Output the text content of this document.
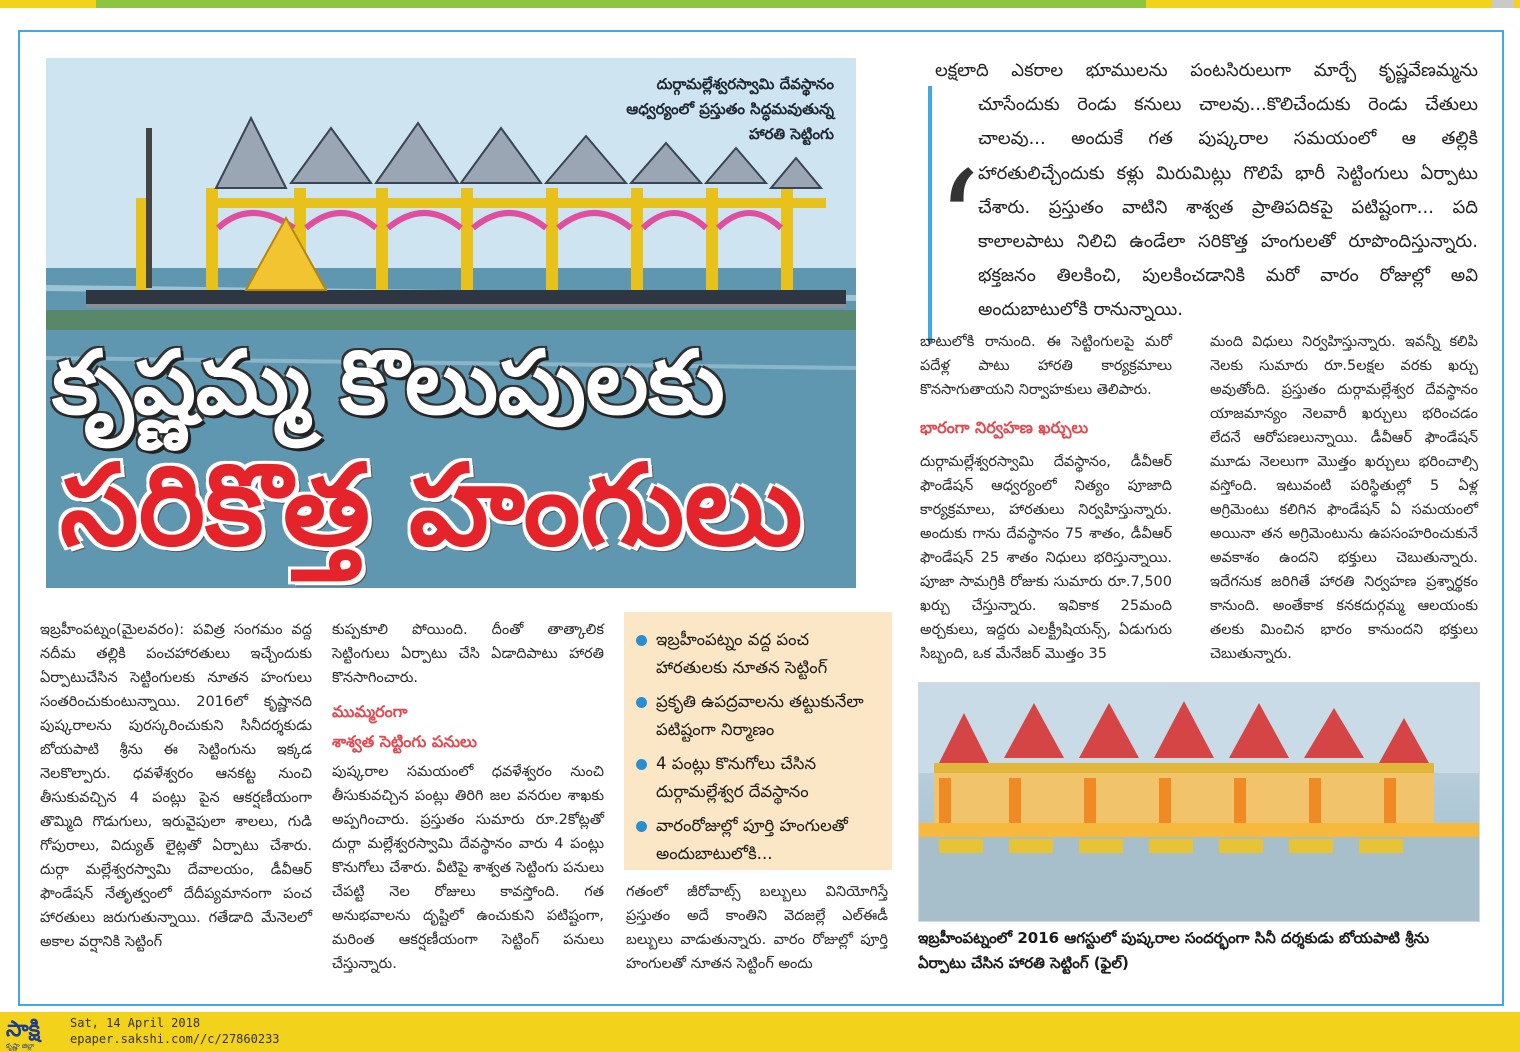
దుర్గామల్లేశ్వరస్వామి దేవస్థానం ఆధ్వర్యంలో ప్రస్తుతం సిద్ధమవుతున్న హారతి సెట్టింగు
కృష్ణమ్మ కొలుపులకు
సరికొత్త హంగులు
‘
లక్షలాది ఎకరాల భూములను పంటసిరులుగా మార్చే కృష్ణవేణమ్మను చూసేందుకు రెండు కనులు చాలవు...కొలిచేందుకు రెండు చేతులు చాలవు... అందుకే గత పుష్కరాల సమయంలో ఆ తల్లికి హారతులిచ్చేందుకు కళ్లు మిరుమిట్లు గొలిపే భారీ సెట్టింగులు ఏర్పాటు చేశారు. ప్రస్తుతం వాటిని శాశ్వత ప్రాతిపదికపై పటిష్టంగా... పది కాలాలపాటు నిలిచి ఉండేలా సరికొత్త హంగులతో రూపొందిస్తున్నారు. భక్తజనం తిలకించి, పులకించడానికి మరో వారం రోజుల్లో అవి అందుబాటులోకి రానున్నాయి.
ఇబ్రహీంపట్నం(మైలవరం): పవిత్ర సంగమం వద్ద నదీమ తల్లికి పంచహారతులు ఇచ్చేందుకు ఏర్పాటుచేసిన సెట్టింగులకు నూతన హంగులు సంతరించుకుంటున్నాయి. 2016లో కృష్ణానది పుష్కరాలను పురస్కరించుకుని సినీదర్శకుడు బోయపాటి శ్రీను ఈ సెట్టింగును ఇక్కడ నెలకొల్పారు. ధవళేశ్వరం ఆనకట్ట నుంచి తీసుకువచ్చిన 4 పంట్లు పైన ఆకర్షణీయంగా తొమ్మిది గొడుగులు, ఇరువైపులా శాలలు, గుడి గోపురాలు, విద్యుత్ లైట్లతో ఏర్పాటు చేశారు. దుర్గా మల్లేశ్వరస్వామి దేవాలయం, డీవీఆర్ ఫౌండేషన్ నేతృత్వంలో దేదీప్యమానంగా పంచ హారతులు జరుగుతున్నాయి. గతేడాది మేనెలలో అకాల వర్షానికి సెట్టింగ్
కుప్పకూలి పోయింది. దీంతో తాత్కాలిక సెట్టింగులు ఏర్పాటు చేసి ఏడాదిపాటు హారతి కొనసాగించారు.
ముమ్మరంగా
శాశ్వత సెట్టింగు పనులు
పుష్కరాల సమయంలో ధవళేశ్వరం నుంచి తీసుకువచ్చిన పంట్లు తిరిగి జల వనరుల శాఖకు అప్పగించారు. ప్రస్తుతం సుమారు రూ.2కోట్లతో దుర్గా మల్లేశ్వరస్వామి దేవస్థానం వారు 4 పంట్లు కొనుగోలు చేశారు. వీటిపై శాశ్వత సెట్టింగు పనులు చేపట్టి నెల రోజులు కావస్తోంది. గత అనుభవాలను దృష్టిలో ఉంచుకుని పటిష్టంగా, మరింత ఆకర్షణీయంగా సెట్టింగ్ పనులు చేస్తున్నారు.
ఇబ్రహీంపట్నం వద్ద పంచ హారతులకు నూతన సెట్టింగ్
ప్రకృతి ఉపద్రవాలను తట్టుకునేలా పటిష్టంగా నిర్మాణం
4 పంట్లు కొనుగోలు చేసిన దుర్గామల్లేశ్వర దేవస్థానం
వారంరోజుల్లో పూర్తి హంగులతో అందుబాటులోకి...
గతంలో జీరోవాట్స్ బల్బులు వినియోగిస్తే ప్రస్తుతం అదే కాంతిని వెదజల్లే ఎల్ఈడీ బల్బులు వాడుతున్నారు. వారం రోజుల్లో పూర్తి హంగులతో నూతన సెట్టింగ్ అందు
బాటులోకి రానుంది. ఈ సెట్టింగులపై మరో పదేళ్ల పాటు హారతి కార్యక్రమాలు కొనసాగుతాయని నిర్వాహకులు తెలిపారు.
భారంగా నిర్వహణ ఖర్చులు
దుర్గామల్లేశ్వరస్వామి దేవస్థానం, డీవీఆర్ ఫౌండేషన్ ఆధ్వర్యంలో నిత్యం పూజాది కార్యక్రమాలు, హారతులు నిర్వహిస్తున్నారు. అందుకు గాను దేవస్థానం 75 శాతం, డీవీఆర్ ఫౌండేషన్ 25 శాతం నిధులు భరిస్తున్నాయి. పూజా సామగ్రికి రోజుకు సుమారు రూ.7,500 ఖర్చు చేస్తున్నారు. ఇవికాక 25మంది అర్చకులు, ఇద్దరు ఎలక్ట్రీషియన్స్, ఏడుగురు సిబ్బంది, ఒక మేనేజర్ మొత్తం 35
మంది విధులు నిర్వహిస్తున్నారు. ఇవన్నీ కలిపి నెలకు సుమారు రూ.5లక్షల వరకు ఖర్చు అవుతోంది. ప్రస్తుతం దుర్గామల్లేశ్వర దేవస్థానం యాజమాన్యం నెలవారీ ఖర్చులు భరించడం లేదనే ఆరోపణలున్నాయి. డీవీఆర్ ఫౌండేషన్ మూడు నెలలుగా మొత్తం ఖర్చులు భరించాల్సి వస్తోంది. ఇటువంటి పరిస్థితుల్లో 5 ఏళ్ల అగ్రిమెంటు కలిగిన ఫౌండేషన్ ఏ సమయంలో అయినా తన అగ్రిమెంటును ఉపసంహరించుకునే అవకాశం ఉందని భక్తులు చెబుతున్నారు. ఇదేగనుక జరిగితే హారతి నిర్వహణ ప్రశ్నార్థకం కానుంది. అంతేకాక కనకదుర్గమ్మ ఆలయంకు తలకు మించిన భారం కానుందని భక్తులు చెబుతున్నారు.
ఇబ్రహీంపట్నంలో 2016 ఆగస్టులో పుష్కరాల సందర్భంగా సినీ దర్శకుడు బోయపాటి శ్రీను ఏర్పాటు చేసిన హారతి సెట్టింగ్ (ఫైల్)
సాక్షి
కృష్ణా జిల్లా
Sat, 14 April 2018
epaper.sakshi.com//c/27860233
